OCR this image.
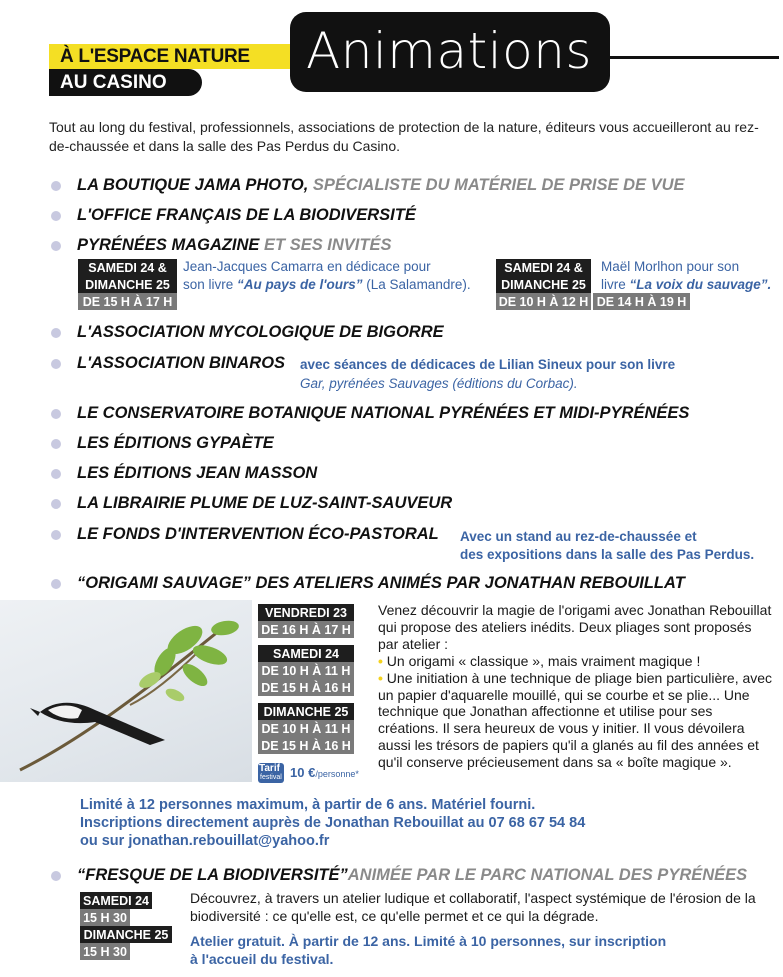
À L'ESPACE NATURE
AU CASINO
Animations

Tout au long du festival, professionnels, associations de protection de la nature, éditeurs vous accueilleront au rez-de-chaussée et dans la salle des Pas Perdus du Casino.

LA BOUTIQUE JAMA PHOTO, SPÉCIALISTE DU MATÉRIEL DE PRISE DE VUE
L'OFFICE FRANÇAIS DE LA BIODIVERSITÉ
PYRÉNÉES MAGAZINE ET SES INVITÉS
SAMEDI 24 &
DIMANCHE 25
DE 15 H À 17 H
Jean-Jacques Camarra en dédicace pour
son livre “Au pays de l'ours” (La Salamandre).
SAMEDI 24 &
DIMANCHE 25
DE 10 H À 12 H DE 14 H À 19 H
Maël Morlhon pour son
livre “La voix du sauvage”.
L'ASSOCIATION MYCOLOGIQUE DE BIGORRE
L'ASSOCIATION BINAROS avec séances de dédicaces de Lilian Sineux pour son livre
Gar, pyrénées Sauvages (éditions du Corbac).
LE CONSERVATOIRE BOTANIQUE NATIONAL PYRÉNÉES ET MIDI-PYRÉNÉES
LES ÉDITIONS GYPAÈTE
LES ÉDITIONS JEAN MASSON
LA LIBRAIRIE PLUME DE LUZ-SAINT-SAUVEUR
LE FONDS D'INTERVENTION ÉCO-PASTORAL Avec un stand au rez-de-chaussée et
des expositions dans la salle des Pas Perdus.
“ORIGAMI SAUVAGE” DES ATELIERS ANIMÉS PAR JONATHAN REBOUILLAT
VENDREDI 23
DE 16 H À 17 H
SAMEDI 24
DE 10 H À 11 H
DE 15 H À 16 H
DIMANCHE 25
DE 10 H À 11 H
DE 15 H À 16 H
Tarif
festival 10 €/personne*
Venez découvrir la magie de l'origami avec Jonathan Rebouillat qui propose des ateliers inédits. Deux pliages sont proposés par atelier :
• Un origami « classique », mais vraiment magique !
• Une initiation à une technique de pliage bien particulière, avec un papier d'aquarelle mouillé, qui se courbe et se plie... Une technique que Jonathan affectionne et utilise pour ses créations. Il sera heureux de vous y initier. Il vous dévoilera aussi les trésors de papiers qu'il a glanés au fil des années et qu'il conserve précieusement dans sa « boîte magique ».
Limité à 12 personnes maximum, à partir de 6 ans. Matériel fourni.
Inscriptions directement auprès de Jonathan Rebouillat au 07 68 67 54 84
ou sur jonathan.rebouillat@yahoo.fr
“FRESQUE DE LA BIODIVERSITÉ”ANIMÉE PAR LE PARC NATIONAL DES PYRÉNÉES
SAMEDI 24
15 H 30
DIMANCHE 25
15 H 30
Découvrez, à travers un atelier ludique et collaboratif, l'aspect systémique de l'érosion de la biodiversité : ce qu'elle est, ce qu'elle permet et ce qui la dégrade.
Atelier gratuit. À partir de 12 ans. Limité à 10 personnes, sur inscription
à l'accueil du festival.
